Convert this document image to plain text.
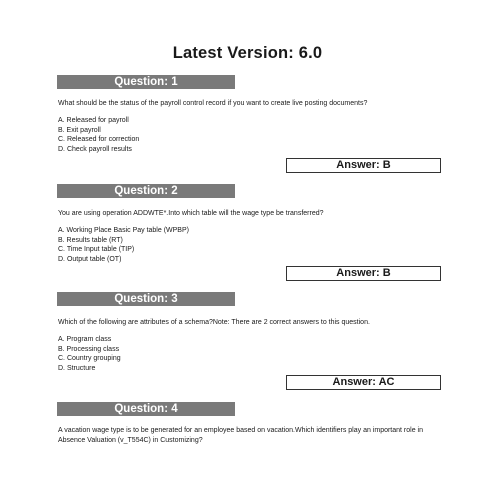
Latest Version: 6.0
Question: 1
What should be the status of the payroll control record if you want to create live posting documents?
A. Released for payroll
B. Exit payroll
C. Released for correction
D. Check payroll results
Answer: B
Question: 2
You are using operation ADDWTE*.Into which table will the wage type be transferred?
A. Working Place Basic Pay table (WPBP)
B. Results table (RT)
C. Time Input table (TIP)
D. Output table (OT)
Answer: B
Question: 3
Which of the following are attributes of a schema?Note: There are 2 correct answers to this question.
A. Program class
B. Processing class
C. Country grouping
D. Structure
Answer: AC
Question: 4
A vacation wage type is to be generated for an employee based on vacation.Which identifiers play an important role in Absence Valuation (v_T554C) in Customizing?
